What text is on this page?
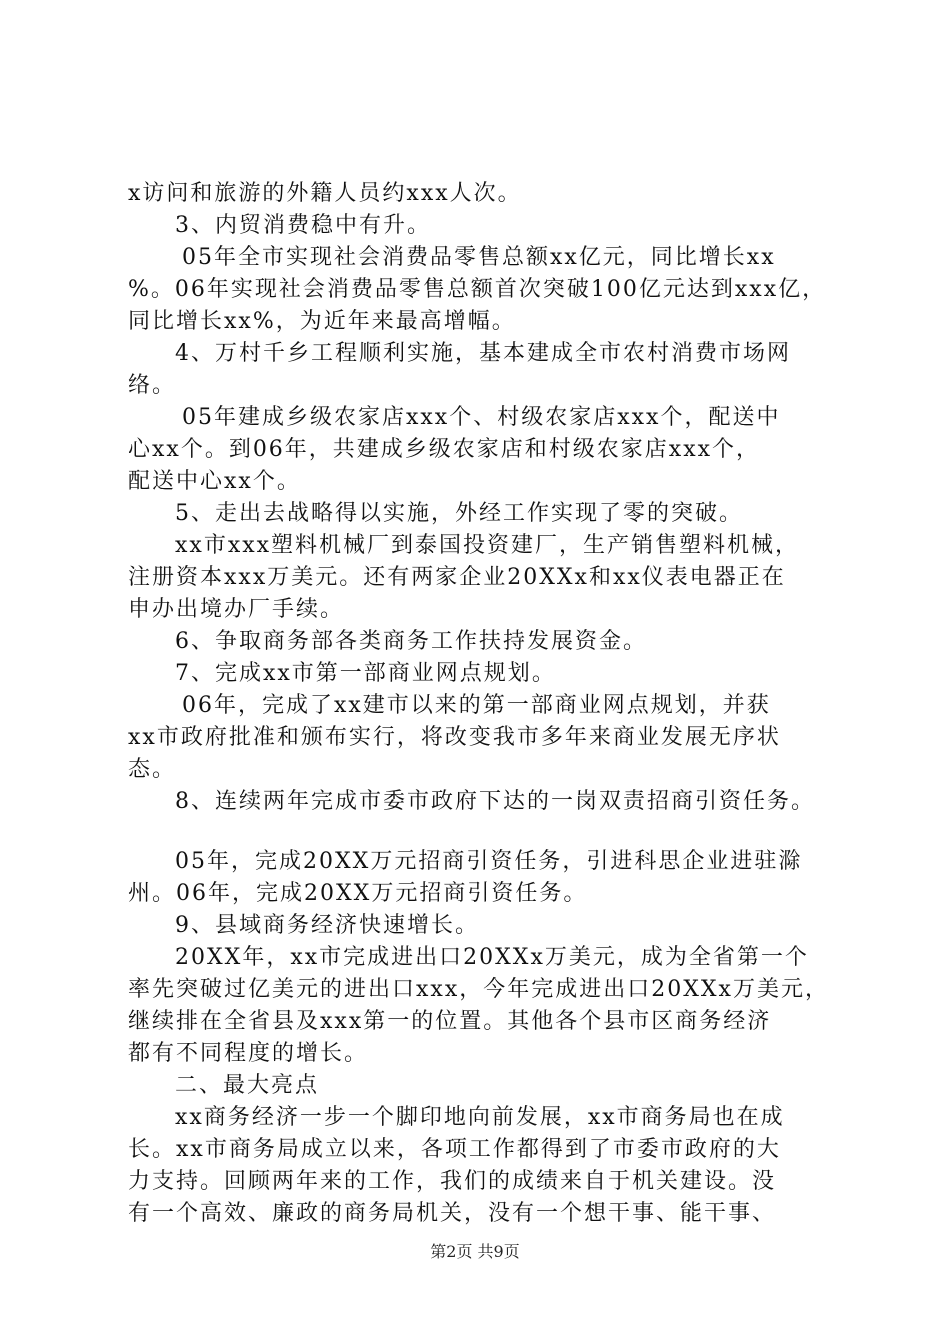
x访问和旅游的外籍人员约xxx人次。
3、内贸消费稳中有升。
05年全市实现社会消费品零售总额xx亿元，同比增长xx
%。06年实现社会消费品零售总额首次突破100亿元达到xxx亿，
同比增长xx%，为近年来最高增幅。
4、万村千乡工程顺利实施，基本建成全市农村消费市场网
络。
05年建成乡级农家店xxx个、村级农家店xxx个，配送中
心xx个。到06年，共建成乡级农家店和村级农家店xxx个，
配送中心xx个。
5、走出去战略得以实施，外经工作实现了零的突破。
xx市xxx塑料机械厂到泰国投资建厂，生产销售塑料机械，
注册资本xxx万美元。还有两家企业20XXx和xx仪表电器正在
申办出境办厂手续。
6、争取商务部各类商务工作扶持发展资金。
7、完成xx市第一部商业网点规划。
06年，完成了xx建市以来的第一部商业网点规划，并获
xx市政府批准和颁布实行，将改变我市多年来商业发展无序状
态。
8、连续两年完成市委市政府下达的一岗双责招商引资任务。
05年，完成20XX万元招商引资任务，引进科思企业进驻滁
州。06年，完成20XX万元招商引资任务。
9、县域商务经济快速增长。
20XX年，xx市完成进出口20XXx万美元，成为全省第一个
率先突破过亿美元的进出口xxx，今年完成进出口20XXx万美元，
继续排在全省县及xxx第一的位置。其他各个县市区商务经济
都有不同程度的增长。
二、最大亮点
xx商务经济一步一个脚印地向前发展，xx市商务局也在成
长。xx市商务局成立以来，各项工作都得到了市委市政府的大
力支持。回顾两年来的工作，我们的成绩来自于机关建设。没
有一个高效、廉政的商务局机关，没有一个想干事、能干事、
第2页 共9页
